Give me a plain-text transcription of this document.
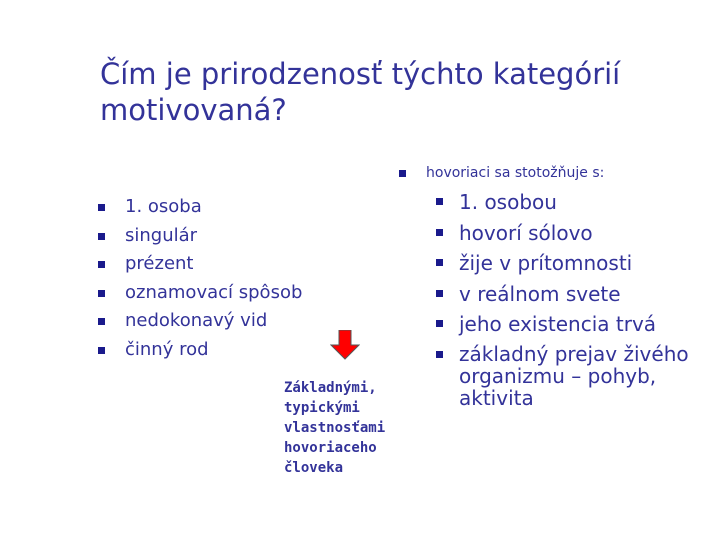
Čím je prirodzenosť týchto kategórií
motivovaná?
1. osoba
singulár
prézent
oznamovací spôsob
nedokonavý vid
činný rod
hovoriaci sa stotožňuje s:
1. osobou
hovorí sólovo
žije v prítomnosti
v reálnom svete
jeho existencia trvá
základný prejav živého organizmu – pohyb, aktivita
Základnými,
typickými
vlastnosťami
hovoriaceho
človeka
